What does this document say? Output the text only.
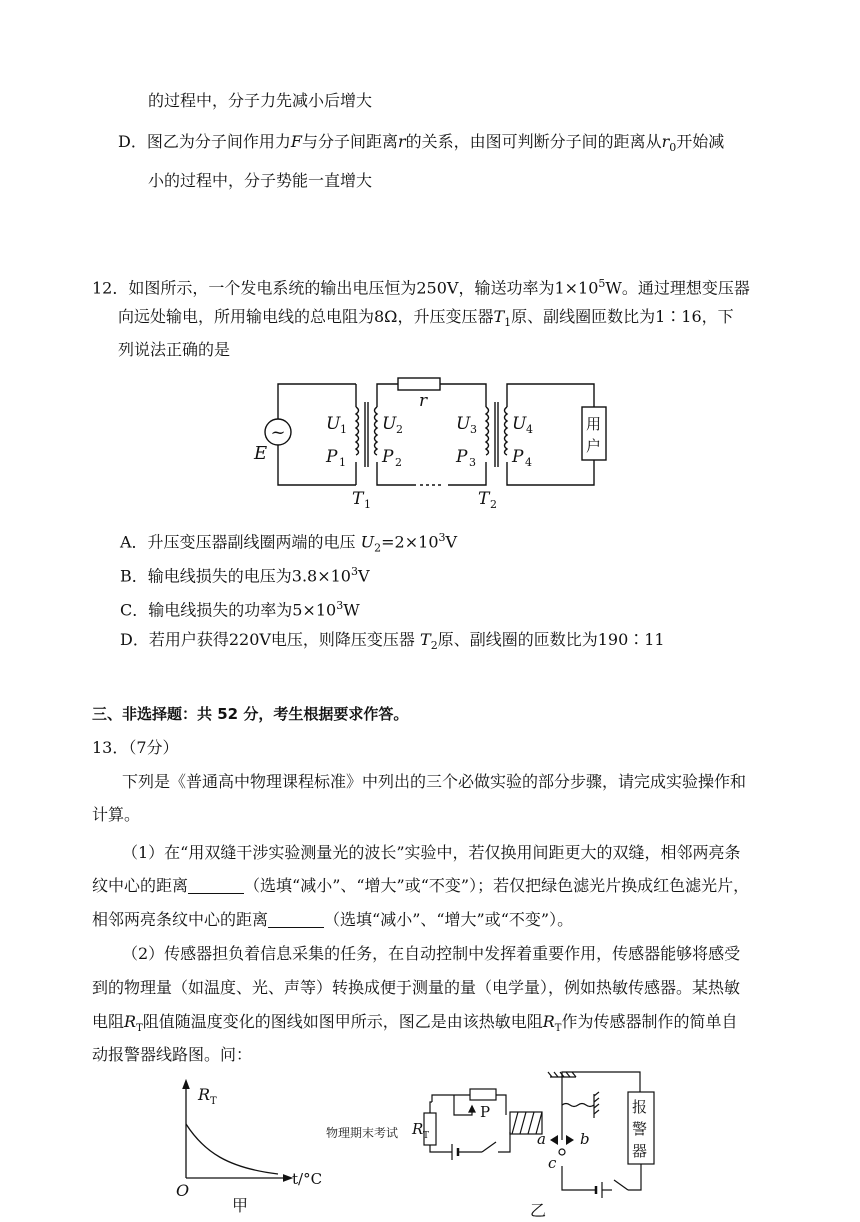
的过程中，分子力先减小后增大
D．图乙为分子间作用力F与分子间距离r的关系，由图可判断分子间的距离从$r_0$开始减
小的过程中，分子势能一直增大
12．如图所示，一个发电系统的输出电压恒为250V，输送功率为$1\times 10^5W$。通过理想变压器
向远处输电，所用输电线的总电阻为8Ω，升压变压器$T_1$原、副线圈匝数比为1∶16，下
列说法正确的是
~
E
r
U 1
P 1
U 2
P 2
U 3
P 3
U 4
P 4
用
户
T 1	T 2
A．升压变压器副线圈两端的电压 $U_2=2\times 10^3V$
B．输电线损失的电压为$3.8\times 10^3V$
C．输电线损失的功率为$5\times 10^3W$
D．若用户获得220V电压，则降压变压器 $T_2$原、副线圈的匝数比为190∶11
三、非选择题：共 52 分，考生根据要求作答。
13．（7分）
下列是《普通高中物理课程标准》中列出的三个必做实验的部分步骤，请完成实验操作和
计算。
（1）在“用双缝干涉实验测量光的波长”实验中，若仅换用间距更大的双缝，相邻两亮条
纹中心的距离	（选填“减小”、“增大”或“不变”）；若仅把绿色滤光片换成红色滤光片，
相邻两亮条纹中心的距离	（选填“减小”、“增大”或“不变”）。
（2）传感器担负着信息采集的任务，在自动控制中发挥着重要作用，传感器能够将感受
到的物理量（如温度、光、声等）转换成便于测量的量（电学量），例如热敏传感器。某热敏
电阻$R_T$阻值随温度变化的图线如图甲所示，图乙是由该热敏电阻$R_T$作为传感器制作的简单自
动报警器线路图。问：
R T
t/°C
O
甲
物理期末考试 R T
P
a b
c
报
警
器
乙
